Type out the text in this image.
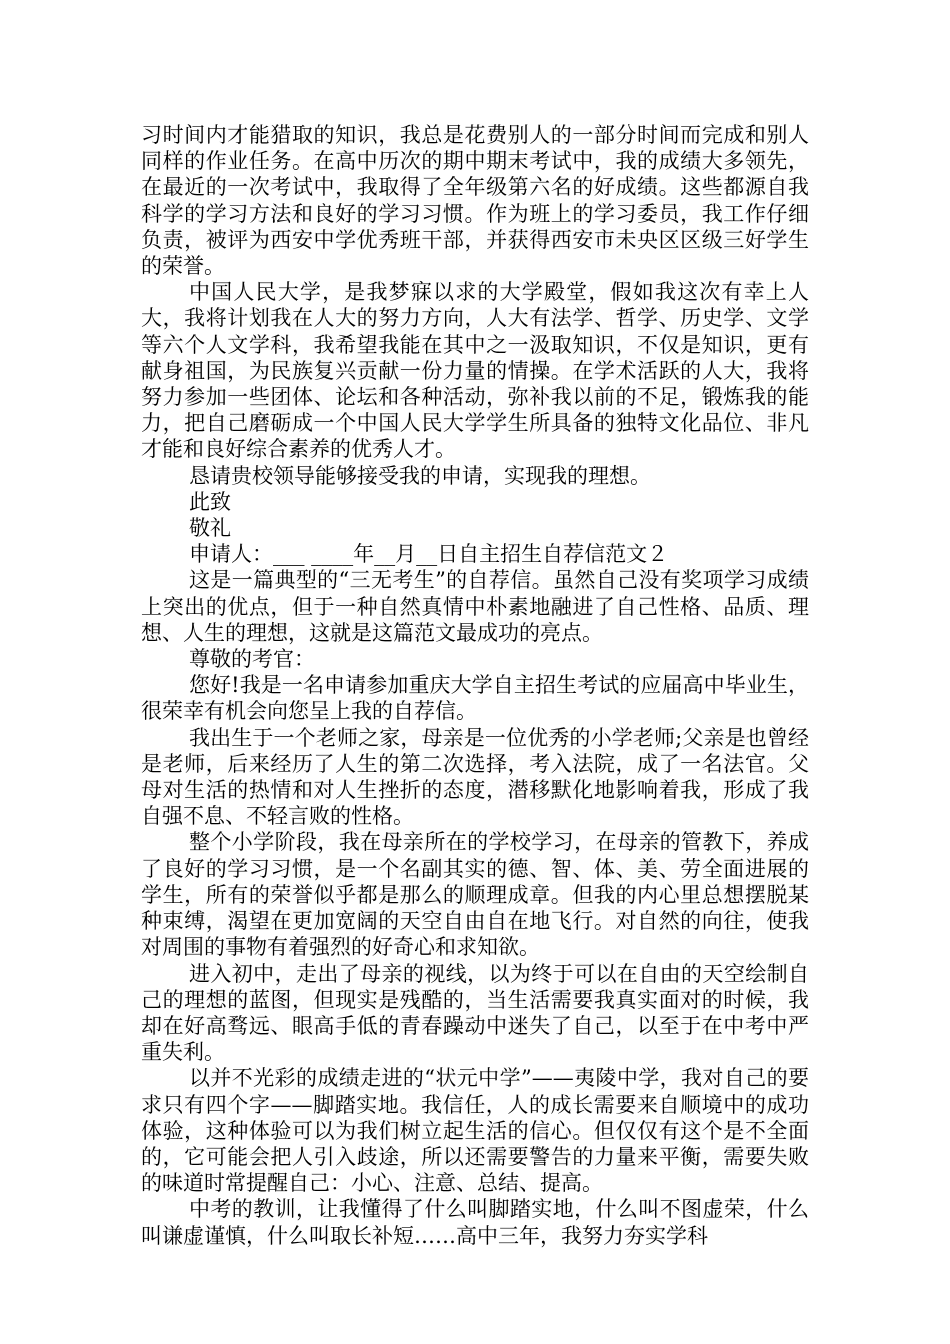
习时间内才能猎取的知识，我总是花费别人的一部分时间而完成和别人同样的作业任务。在高中历次的期中期末考试中，我的成绩大多领先，在最近的一次考试中，我取得了全年级第六名的好成绩。这些都源自我科学的学习方法和良好的学习习惯。作为班上的学习委员，我工作仔细负责，被评为西安中学优秀班干部，并获得西安市未央区区级三好学生的荣誉。

中国人民大学，是我梦寐以求的大学殿堂，假如我这次有幸上人大，我将计划我在人大的努力方向，人大有法学、哲学、历史学、文学等六个人文学科，我希望我能在其中之一汲取知识，不仅是知识，更有献身祖国，为民族复兴贡献一份力量的情操。在学术活跃的人大，我将努力参加一些团体、论坛和各种活动，弥补我以前的不足，锻炼我的能力，把自己磨砺成一个中国人民大学学生所具备的独特文化品位、非凡才能和良好综合素养的优秀人才。

恳请贵校领导能够接受我的申请，实现我的理想。

此致

敬礼

申请人：___ ____年__月__日自主招生自荐信范文２

这是一篇典型的“三无考生”的自荐信。虽然自己没有奖项学习成绩上突出的优点，但于一种自然真情中朴素地融进了自己性格、品质、理想、人生的理想，这就是这篇范文最成功的亮点。

尊敬的考官：

您好!我是一名申请参加重庆大学自主招生考试的应届高中毕业生，很荣幸有机会向您呈上我的自荐信。

我出生于一个老师之家，母亲是一位优秀的小学老师;父亲是也曾经是老师，后来经历了人生的第二次选择，考入法院，成了一名法官。父母对生活的热情和对人生挫折的态度，潜移默化地影响着我，形成了我自强不息、不轻言败的性格。

整个小学阶段，我在母亲所在的学校学习，在母亲的管教下，养成了良好的学习习惯，是一个名副其实的德、智、体、美、劳全面进展的学生，所有的荣誉似乎都是那么的顺理成章。但我的内心里总想摆脱某种束缚，渴望在更加宽阔的天空自由自在地飞行。对自然的向往，使我对周围的事物有着强烈的好奇心和求知欲。

进入初中，走出了母亲的视线，以为终于可以在自由的天空绘制自己的理想的蓝图，但现实是残酷的，当生活需要我真实面对的时候，我却在好高骛远、眼高手低的青春躁动中迷失了自己，以至于在中考中严重失利。

以并不光彩的成绩走进的“状元中学”——夷陵中学，我对自己的要求只有四个字——脚踏实地。我信任，人的成长需要来自顺境中的成功体验，这种体验可以为我们树立起生活的信心。但仅仅有这个是不全面的，它可能会把人引入歧途，所以还需要警告的力量来平衡，需要失败的味道时常提醒自己：小心、注意、总结、提高。

中考的教训，让我懂得了什么叫脚踏实地，什么叫不图虚荣，什么叫谦虚谨慎，什么叫取长补短……高中三年，我努力夯实学科
